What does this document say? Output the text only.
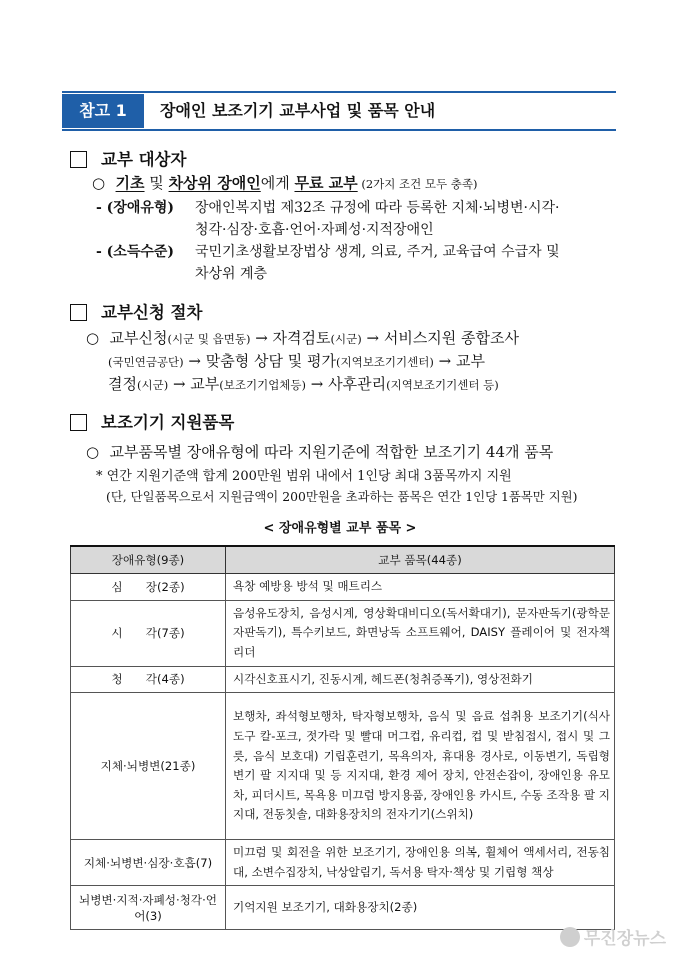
참고 1	장애인 보조기기 교부사업 및 품목 안내
교부 대상자
○ 기초 및 차상위 장애인에게 무료 교부 (2가지 조건 모두 충족)
- (장애유형) 장애인복지법 제32조 규정에 따라 등록한 지체·뇌병변·시각·
청각·심장·호흡·언어·자폐성·지적장애인
- (소득수준) 국민기초생활보장법상 생계, 의료, 주거, 교육급여 수급자 및
차상위 계층
교부신청 절차
○ 교부신청(시군 및 읍면동) → 자격검토(시군) → 서비스지원 종합조사
(국민연금공단) → 맞춤형 상담 및 평가(지역보조기기센터) → 교부
결정(시군) → 교부(보조기기업체등) → 사후관리(지역보조기기센터 등)
보조기기 지원품목
○ 교부품목별 장애유형에 따라 지원기준에 적합한 보조기기 44개 품목
* 연간 지원기준액 합계 200만원 범위 내에서 1인당 최대 3품목까지 지원
(단, 단일품목으로서 지원금액이 200만원을 초과하는 품목은 연간 1인당 1품목만 지원)
< 장애유형별 교부 품목 >
장애유형(9종)	교부 품목(44종)
심　　장(2종)	욕창 예방용 방석 및 매트리스
시　　각(7종)	음성유도장치, 음성시계, 영상확대비디오(독서확대기), 문자판독기(광학문자판독기), 특수키보드, 화면낭독 소프트웨어, DAISY 플레이어 및 전자책 리더
청　　각(4종)	시각신호표시기, 진동시계, 헤드폰(청취증폭기), 영상전화기
지체·뇌병변(21종)	보행차, 좌석형보행차, 탁자형보행차, 음식 및 음료 섭취용 보조기기(식사도구 칼-포크, 젓가락 및 빨대 머그컵, 유리컵, 컵 및 받침접시, 접시 및 그릇, 음식 보호대) 기립훈련기, 목욕의자, 휴대용 경사로, 이동변기, 독립형 변기 팔 지지대 및 등 지지대, 환경 제어 장치, 안전손잡이, 장애인용 유모차, 피더시트, 목욕용 미끄럼 방지용품, 장애인용 카시트, 수동 조작용 팔 지지대, 전동칫솔, 대화용장치의 전자기기(스위치)
지체·뇌병변·심장·호흡(7)	미끄럼 및 회전을 위한 보조기기, 장애인용 의복, 휠체어 액세서리, 전동침대, 소변수집장치, 낙상알림기, 독서용 탁자·책상 및 기립형 책상
뇌병변·지적·자폐성·청각·언어(3)	기억지원 보조기기, 대화용장치(2종)
무진장뉴스
